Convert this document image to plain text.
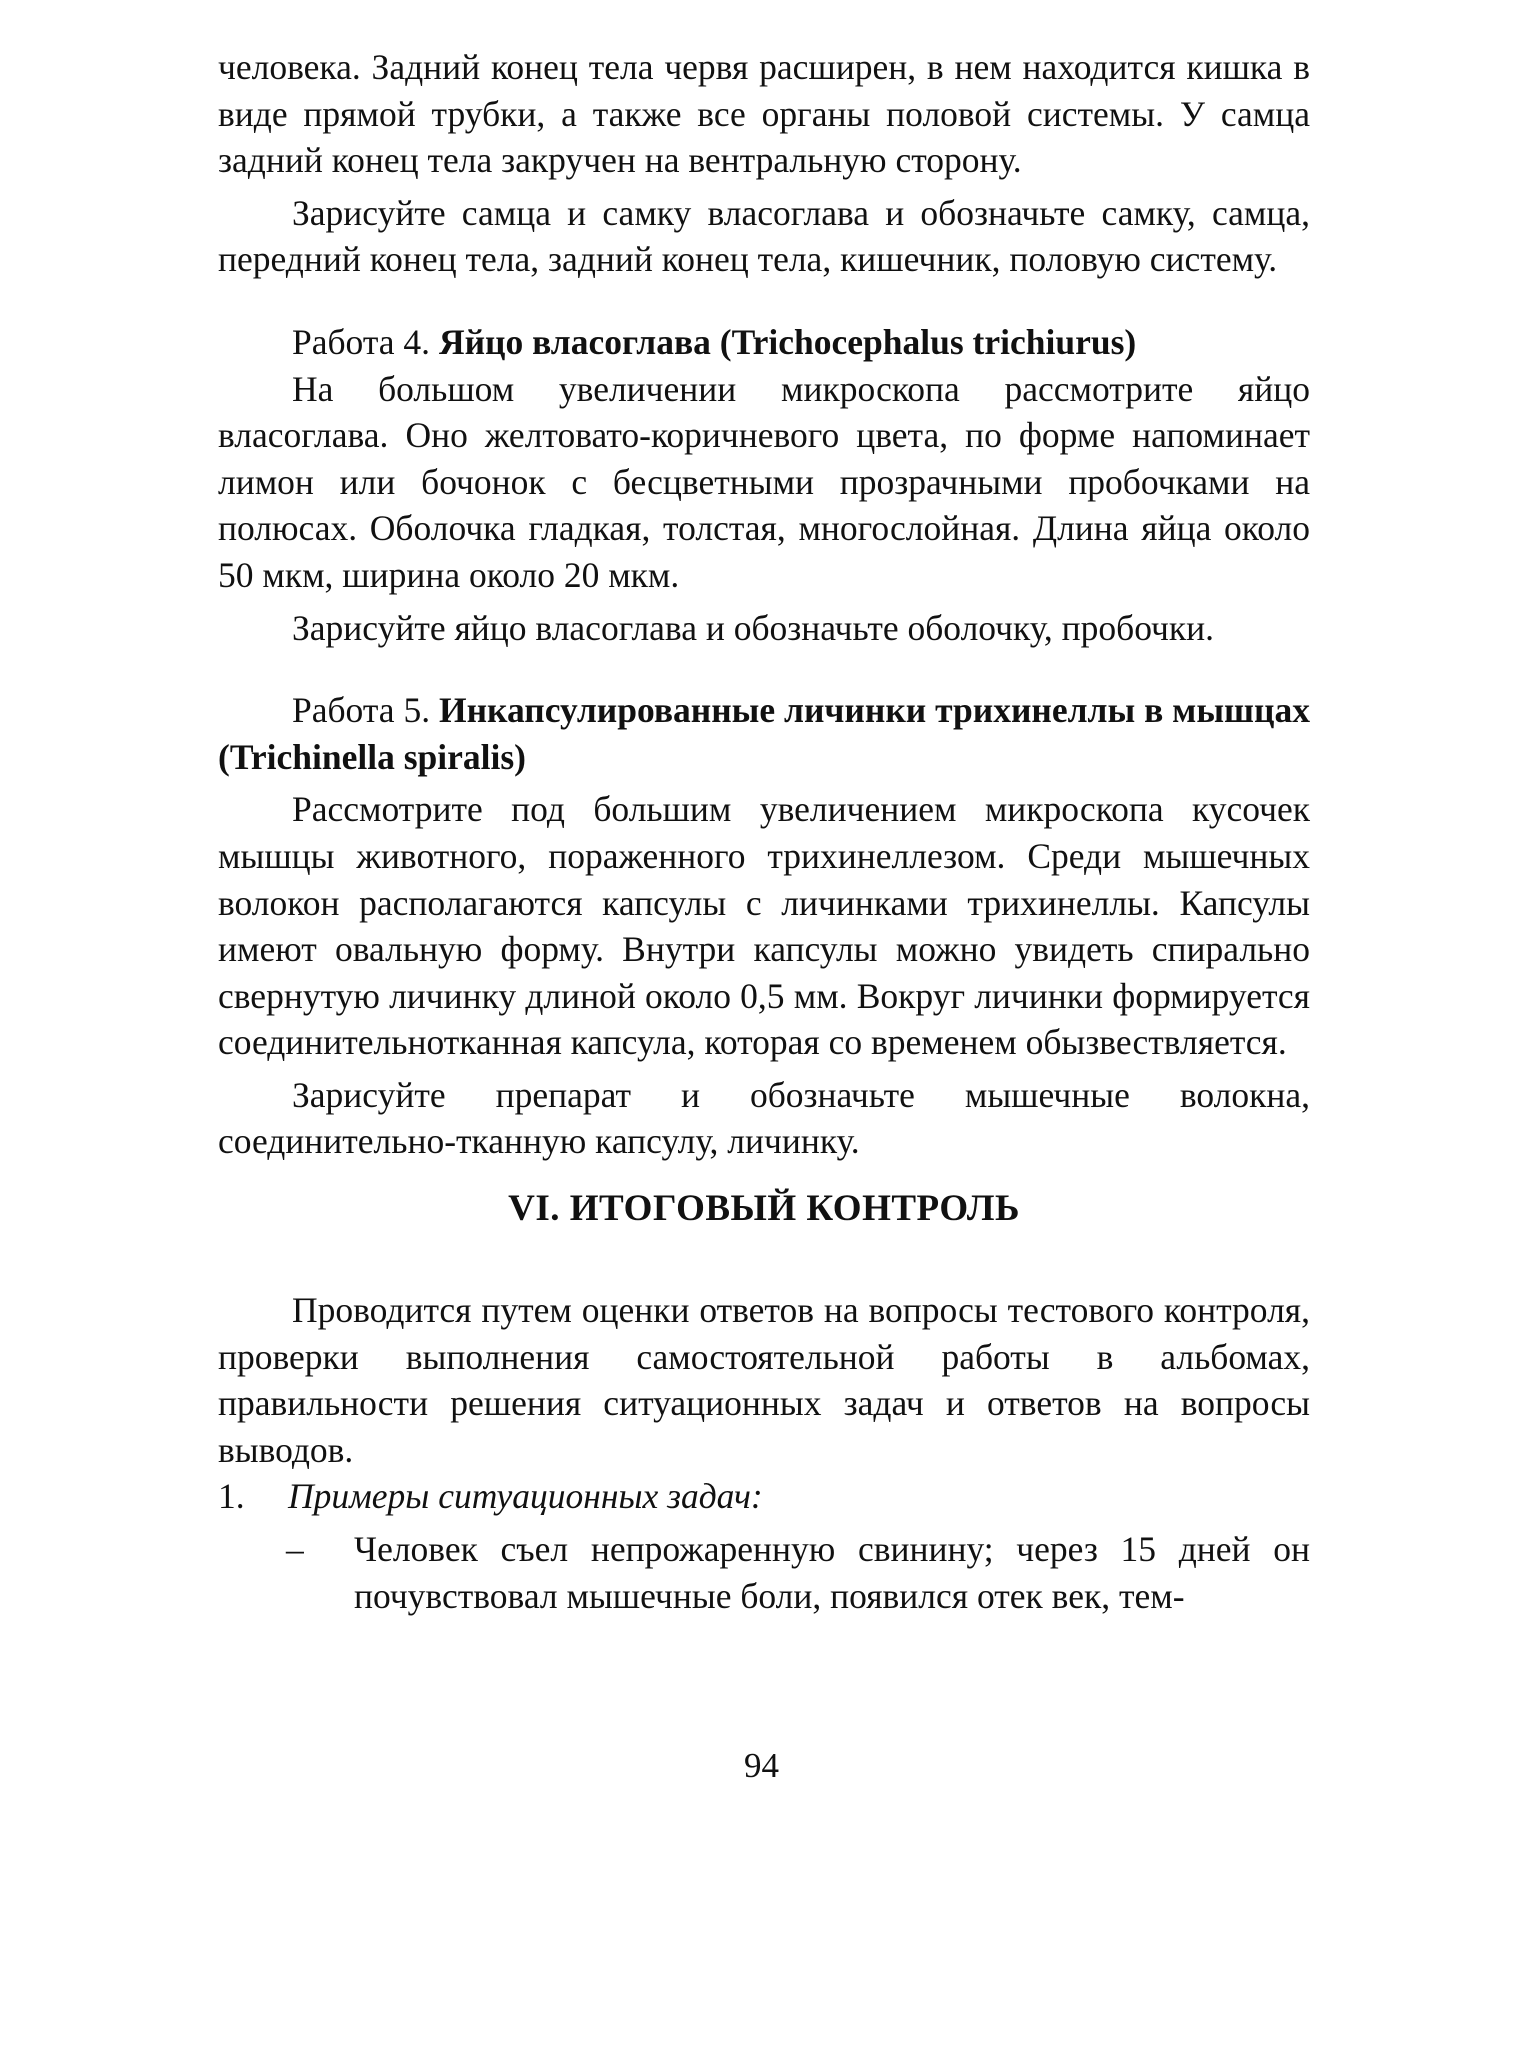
человека. Задний конец тела червя расширен, в нем находится кишка в виде прямой трубки, а также все органы половой системы. У самца задний конец тела закручен на вентральную сторону.

Зарисуйте самца и самку власоглава и обозначьте самку, самца, передний конец тела, задний конец тела, кишечник, половую систему.

Работа 4. Яйцо власоглава (Trichocephalus trichiurus)

На большом увеличении микроскопа рассмотрите яйцо власоглава. Оно желтовато-коричневого цвета, по форме напоминает лимон или бочонок с бесцветными прозрачными пробочками на полюсах. Оболочка гладкая, толстая, многослойная. Длина яйца около 50 мкм, ширина около 20 мкм.

Зарисуйте яйцо власоглава и обозначьте оболочку, пробочки.

Работа 5. Инкапсулированные личинки трихинеллы в мышцах (Trichinella spiralis)

Рассмотрите под большим увеличением микроскопа кусочек мышцы животного, пораженного трихинеллезом. Среди мышечных волокон располагаются капсулы с личинками трихинеллы. Капсулы имеют овальную форму. Внутри капсулы можно увидеть спирально свернутую личинку длиной около 0,5 мм. Вокруг личинки формируется соединительнотканная капсула, которая со временем обызвествляется.

Зарисуйте препарат и обозначьте мышечные волокна, соединительно-тканную капсулу, личинку.

VI. ИТОГОВЫЙ КОНТРОЛЬ

Проводится путем оценки ответов на вопросы тестового контроля, проверки выполнения самостоятельной работы в альбомах, правильности решения ситуационных задач и ответов на вопросы выводов.

1.	Примеры ситуационных задач:
–	Человек съел непрожаренную свинину; через 15 дней он почувствовал мышечные боли, появился отек век, тем-
94
